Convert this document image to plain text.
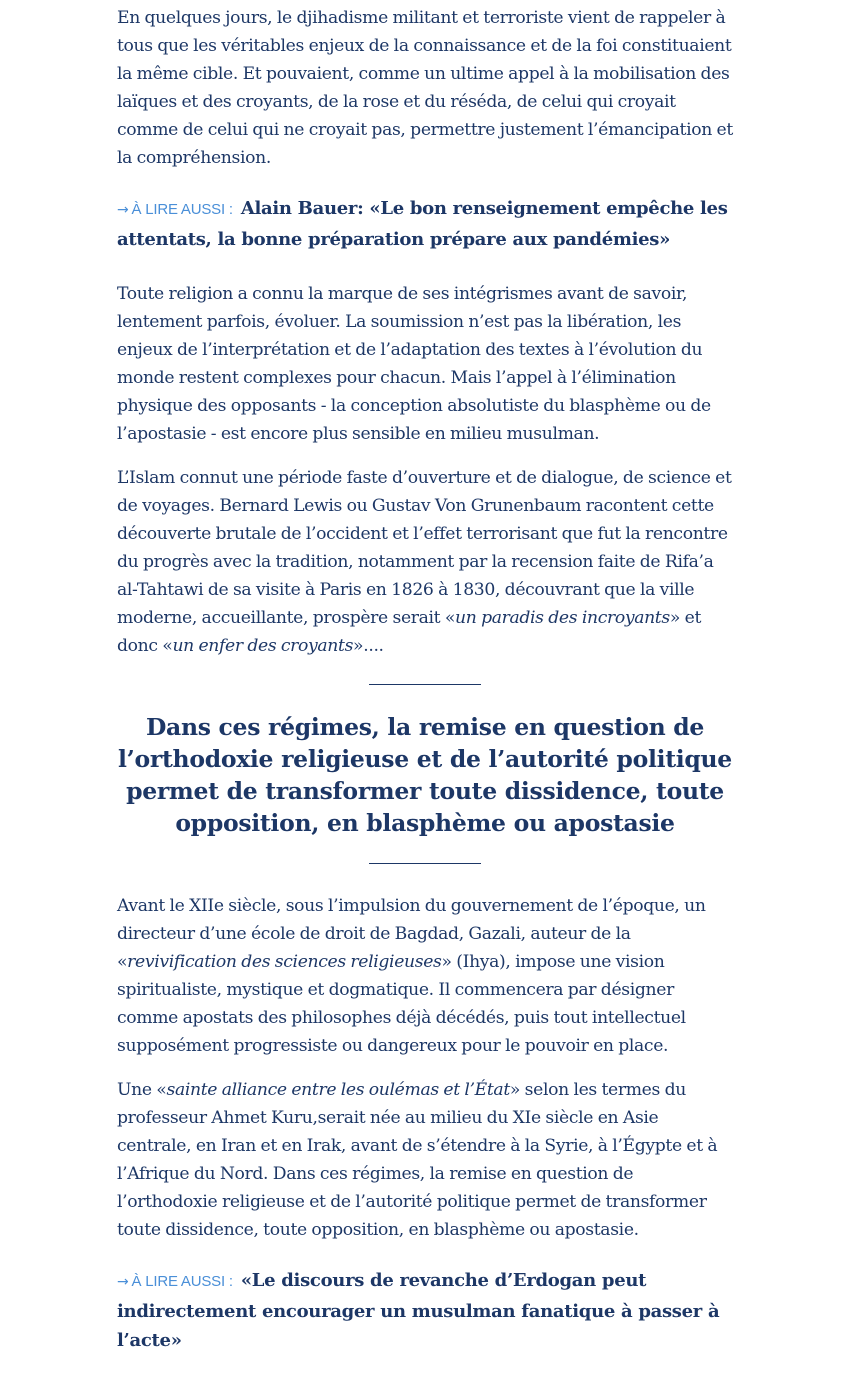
En quelques jours, le djihadisme militant et terroriste vient de rappeler à tous que les véritables enjeux de la connaissance et de la foi constituaient la même cible. Et pouvaient, comme un ultime appel à la mobilisation des laïques et des croyants, de la rose et du réséda, de celui qui croyait comme de celui qui ne croyait pas, permettre justement l’émancipation et la compréhension.

→ À LIRE AUSSI : Alain Bauer: «Le bon renseignement empêche les attentats, la bonne préparation prépare aux pandémies»

Toute religion a connu la marque de ses intégrismes avant de savoir, lentement parfois, évoluer. La soumission n’est pas la libération, les enjeux de l’interprétation et de l’adaptation des textes à l’évolution du monde restent complexes pour chacun. Mais l’appel à l’élimination physique des opposants - la conception absolutiste du blasphème ou de l’apostasie - est encore plus sensible en milieu musulman.

L’Islam connut une période faste d’ouverture et de dialogue, de science et de voyages. Bernard Lewis ou Gustav Von Grunenbaum racontent cette découverte brutale de l’occident et l’effet terrorisant que fut la rencontre du progrès avec la tradition, notamment par la recension faite de Rifa’a al-Tahtawi de sa visite à Paris en 1826 à 1830, découvrant que la ville moderne, accueillante, prospère serait «un paradis des incroyants» et donc «un enfer des croyants»....

Dans ces régimes, la remise en question de l’orthodoxie religieuse et de l’autorité politique permet de transformer toute dissidence, toute opposition, en blasphème ou apostasie

Avant le XIIe siècle, sous l’impulsion du gouvernement de l’époque, un directeur d’une école de droit de Bagdad, Gazali, auteur de la «revivification des sciences religieuses» (Ihya), impose une vision spiritualiste, mystique et dogmatique. Il commencera par désigner comme apostats des philosophes déjà décédés, puis tout intellectuel supposément progressiste ou dangereux pour le pouvoir en place.

Une «sainte alliance entre les oulémas et l’État» selon les termes du professeur Ahmet Kuru,serait née au milieu du XIe siècle en Asie centrale, en Iran et en Irak, avant de s’étendre à la Syrie, à l’Égypte et à l’Afrique du Nord. Dans ces régimes, la remise en question de l’orthodoxie religieuse et de l’autorité politique permet de transformer toute dissidence, toute opposition, en blasphème ou apostasie.

→ À LIRE AUSSI : «Le discours de revanche d’Erdogan peut indirectement encourager un musulman fanatique à passer à l’acte»
